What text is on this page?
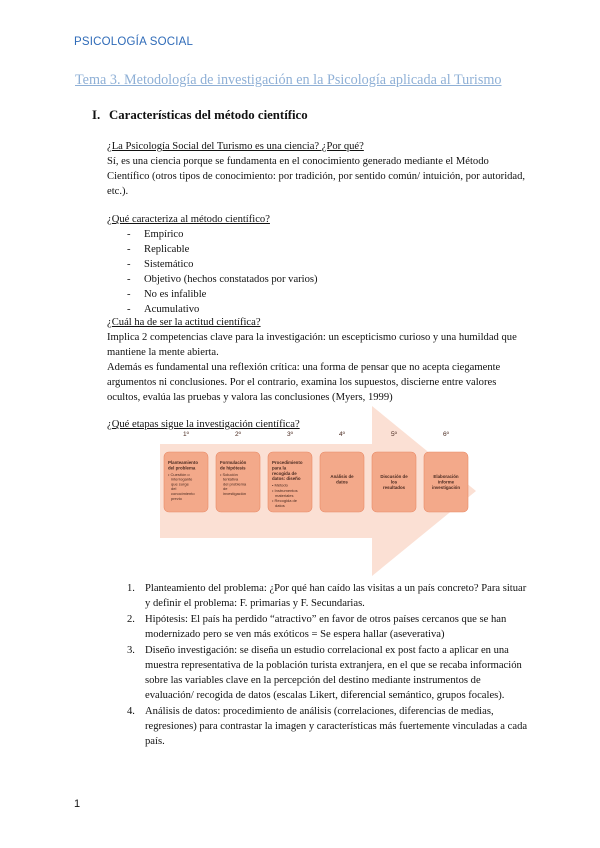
PSICOLOGÍA SOCIAL
Tema 3. Metodología de investigación en la Psicología aplicada al Turismo
I. Características del método científico
¿La Psicología Social del Turismo es una ciencia? ¿Por qué?

Sí, es una ciencia porque se fundamenta en el conocimiento generado mediante el Método Científico (otros tipos de conocimiento: por tradición, por sentido común/ intuición, por autoridad, etc.).

¿Qué caracteriza al método científico?
- Empírico
- Replicable
- Sistemático
- Objetivo (hechos constatados por varios)
- No es infalible
- Acumulativo
¿Cuál ha de ser la actitud científica?

Implica 2 competencias clave para la investigación: un escepticismo curioso y una humildad que mantiene la mente abierta.

Además es fundamental una reflexión crítica: una forma de pensar que no acepta ciegamente argumentos ni conclusiones. Por el contrario, examina los supuestos, discierne entre valores ocultos, evalúa las pruebas y valora las conclusiones (Myers, 1999)

¿Qué etapas sigue la investigación científica?
1º
Planteamiento del problema
• Cuestión o interrogante que surge del conocimiento previo
2º
Formulación de hipótesis
• Solución tentativa del problema de investigación
3º
Procedimiento para la recogida de datos: diseño
• Método
• Instrumentos materiales
• Recogida de datos
4º
Análisis de datos
5º
Discusión de los resultados
6º
Elaboración informe investigación
1. Planteamiento del problema: ¿Por qué han caído las visitas a un país concreto? Para situar y definir el problema: F. primarias y F. Secundarias.
2. Hipótesis: El país ha perdido “atractivo” en favor de otros países cercanos que se han modernizado pero se ven más exóticos = Se espera hallar (aseverativa)
3. Diseño investigación: se diseña un estudio correlacional ex post facto a aplicar en una muestra representativa de la población turista extranjera, en el que se recaba información sobre las variables clave en la percepción del destino mediante instrumentos de evaluación/ recogida de datos (escalas Likert, diferencial semántico, grupos focales).
4. Análisis de datos: procedimiento de análisis (correlaciones, diferencias de medias, regresiones) para contrastar la imagen y características más fuertemente vinculadas a cada país.
1
